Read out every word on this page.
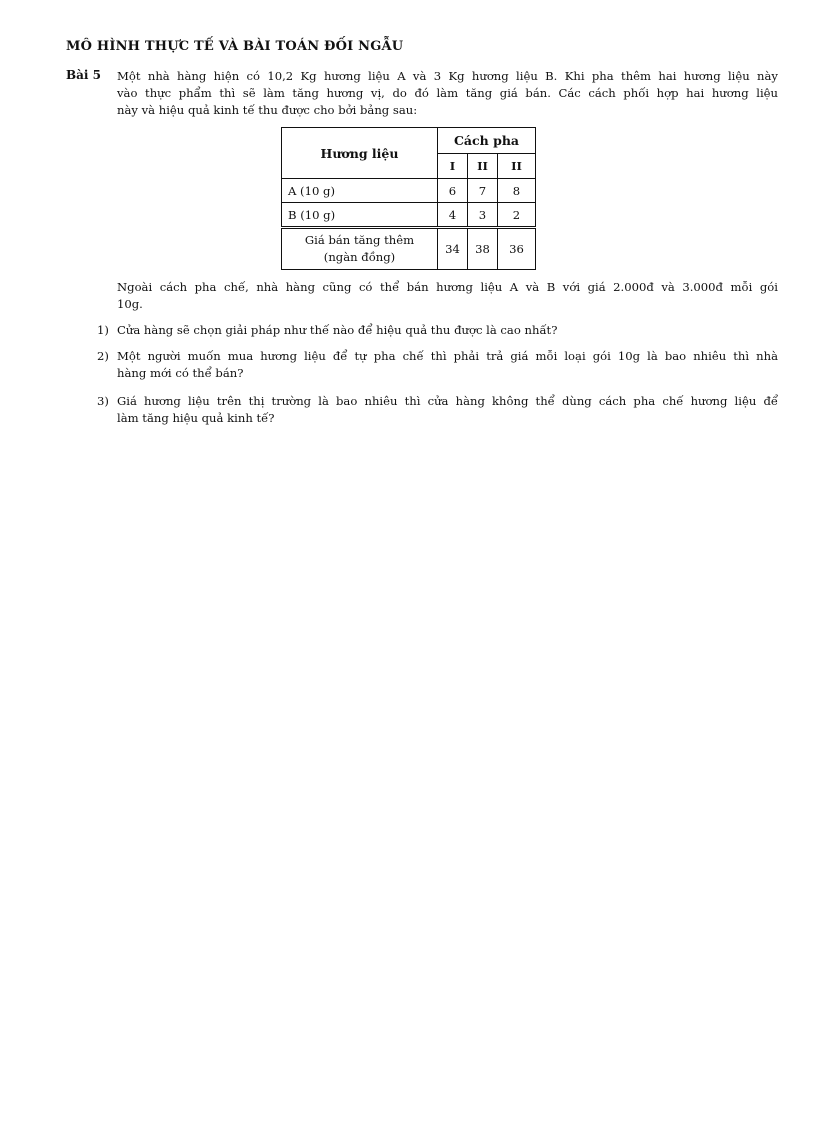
MÔ HÌNH THỰC TẾ VÀ BÀI TOÁN ĐỐI NGẪU
Bài 5 Một nhà hàng hiện có 10,2 Kg hương liệu A và 3 Kg hương liệu B. Khi pha thêm hai hương liệu này
vào thực phẩm thì sẽ làm tăng hương vị, do đó làm tăng giá bán. Các cách phối hợp hai hương liệu
này và hiệu quả kinh tế thu được cho bởi bảng sau:
Hương liệu	Cách pha		
	I	II	II
A (10 g)	6	7	8
B (10 g)	4	3	2

Giá bán tăng thêm
(ngàn đồng)	34	38	36
Ngoài cách pha chế, nhà hàng cũng có thể bán hương liệu A và B với giá 2.000đ và 3.000đ mỗi gói
10g.
1) Cửa hàng sẽ chọn giải pháp như thế nào để hiệu quả thu được là cao nhất?
2) Một người muốn mua hương liệu để tự pha chế thì phải trả giá mỗi loại gói 10g là bao nhiêu thì nhà
hàng mới có thể bán?
3) Giá hương liệu trên thị trường là bao nhiêu thì cửa hàng không thể dùng cách pha chế hương liệu để
làm tăng hiệu quả kinh tế?
